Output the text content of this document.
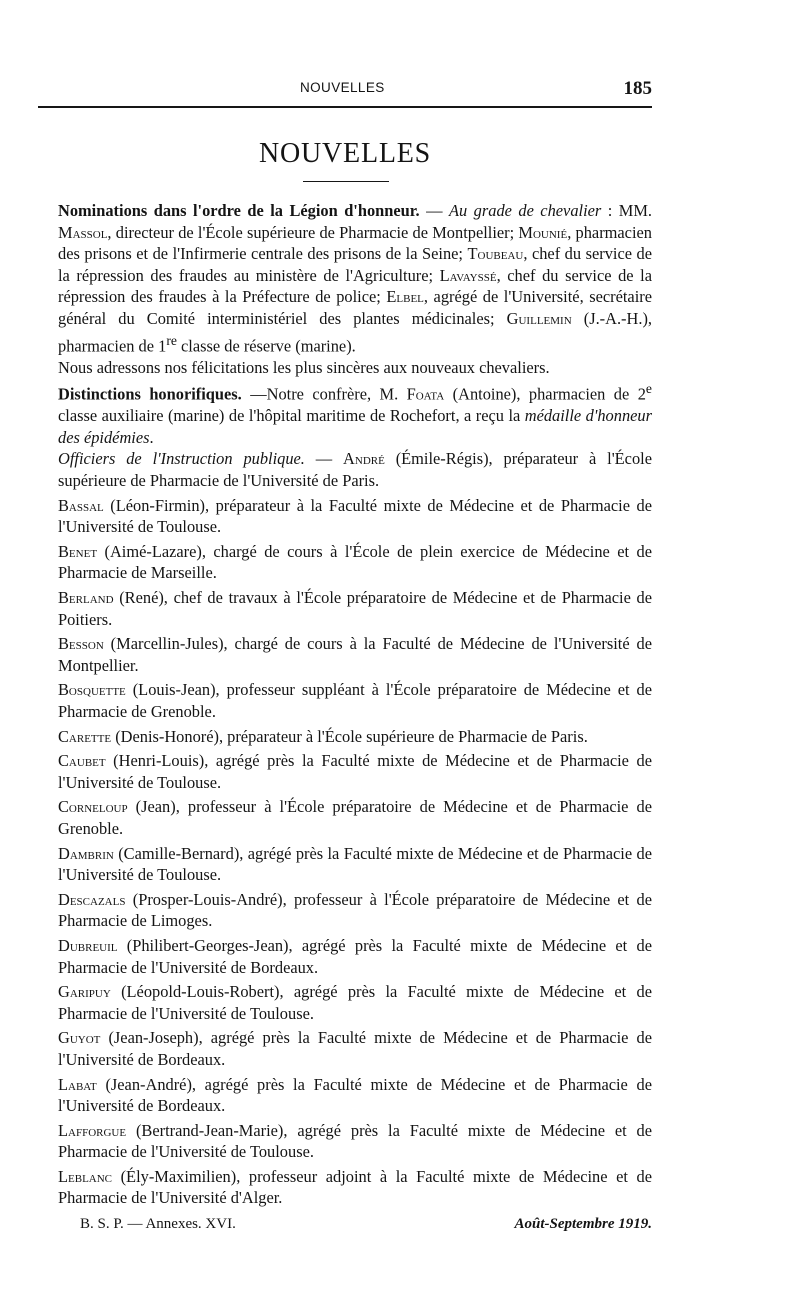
NOUVELLES	185
NOUVELLES

Nominations dans l'ordre de la Légion d'honneur. — Au grade de chevalier : MM. Massol, directeur de l'École supérieure de Pharmacie de Montpellier; Mounié, pharmacien des prisons et de l'Infirmerie centrale des prisons de la Seine; Toubeau, chef du service de la répression des fraudes au ministère de l'Agriculture; Lavayssé, chef du service de la répression des fraudes à la Préfecture de police; Elbel, agrégé de l'Université, secrétaire général du Comité interministériel des plantes médicinales; Guillemin (J.-A.-H.), pharmacien de 1re classe de réserve (marine).

Nous adressons nos félicitations les plus sincères aux nouveaux chevaliers.

Distinctions honorifiques. —Notre confrère, M. Foata (Antoine), pharmacien de 2e classe auxiliaire (marine) de l'hôpital maritime de Rochefort, a reçu la médaille d'honneur des épidémies.

Officiers de l'Instruction publique. — André (Émile-Régis), préparateur à l'École supérieure de Pharmacie de l'Université de Paris.

Bassal (Léon-Firmin), préparateur à la Faculté mixte de Médecine et de Pharmacie de l'Université de Toulouse.

Benet (Aimé-Lazare), chargé de cours à l'École de plein exercice de Médecine et de Pharmacie de Marseille.

Berland (René), chef de travaux à l'École préparatoire de Médecine et de Pharmacie de Poitiers.

Besson (Marcellin-Jules), chargé de cours à la Faculté de Médecine de l'Université de Montpellier.

Bosquette (Louis-Jean), professeur suppléant à l'École préparatoire de Médecine et de Pharmacie de Grenoble.

Carette (Denis-Honoré), préparateur à l'École supérieure de Pharmacie de Paris.

Caubet (Henri-Louis), agrégé près la Faculté mixte de Médecine et de Pharmacie de l'Université de Toulouse.

Corneloup (Jean), professeur à l'École préparatoire de Médecine et de Pharmacie de Grenoble.

Dambrin (Camille-Bernard), agrégé près la Faculté mixte de Médecine et de Pharmacie de l'Université de Toulouse.

Descazals (Prosper-Louis-André), professeur à l'École préparatoire de Médecine et de Pharmacie de Limoges.

Dubreuil (Philibert-Georges-Jean), agrégé près la Faculté mixte de Médecine et de Pharmacie de l'Université de Bordeaux.

Garipuy (Léopold-Louis-Robert), agrégé près la Faculté mixte de Médecine et de Pharmacie de l'Université de Toulouse.

Guyot (Jean-Joseph), agrégé près la Faculté mixte de Médecine et de Pharmacie de l'Université de Bordeaux.

Labat (Jean-André), agrégé près la Faculté mixte de Médecine et de Pharmacie de l'Université de Bordeaux.

Lafforgue (Bertrand-Jean-Marie), agrégé près la Faculté mixte de Médecine et de Pharmacie de l'Université de Toulouse.

Leblanc (Ély-Maximilien), professeur adjoint à la Faculté mixte de Médecine et de Pharmacie de l'Université d'Alger.

B. S. P. — Annexes. XVI.	Août-Septembre 1919.
